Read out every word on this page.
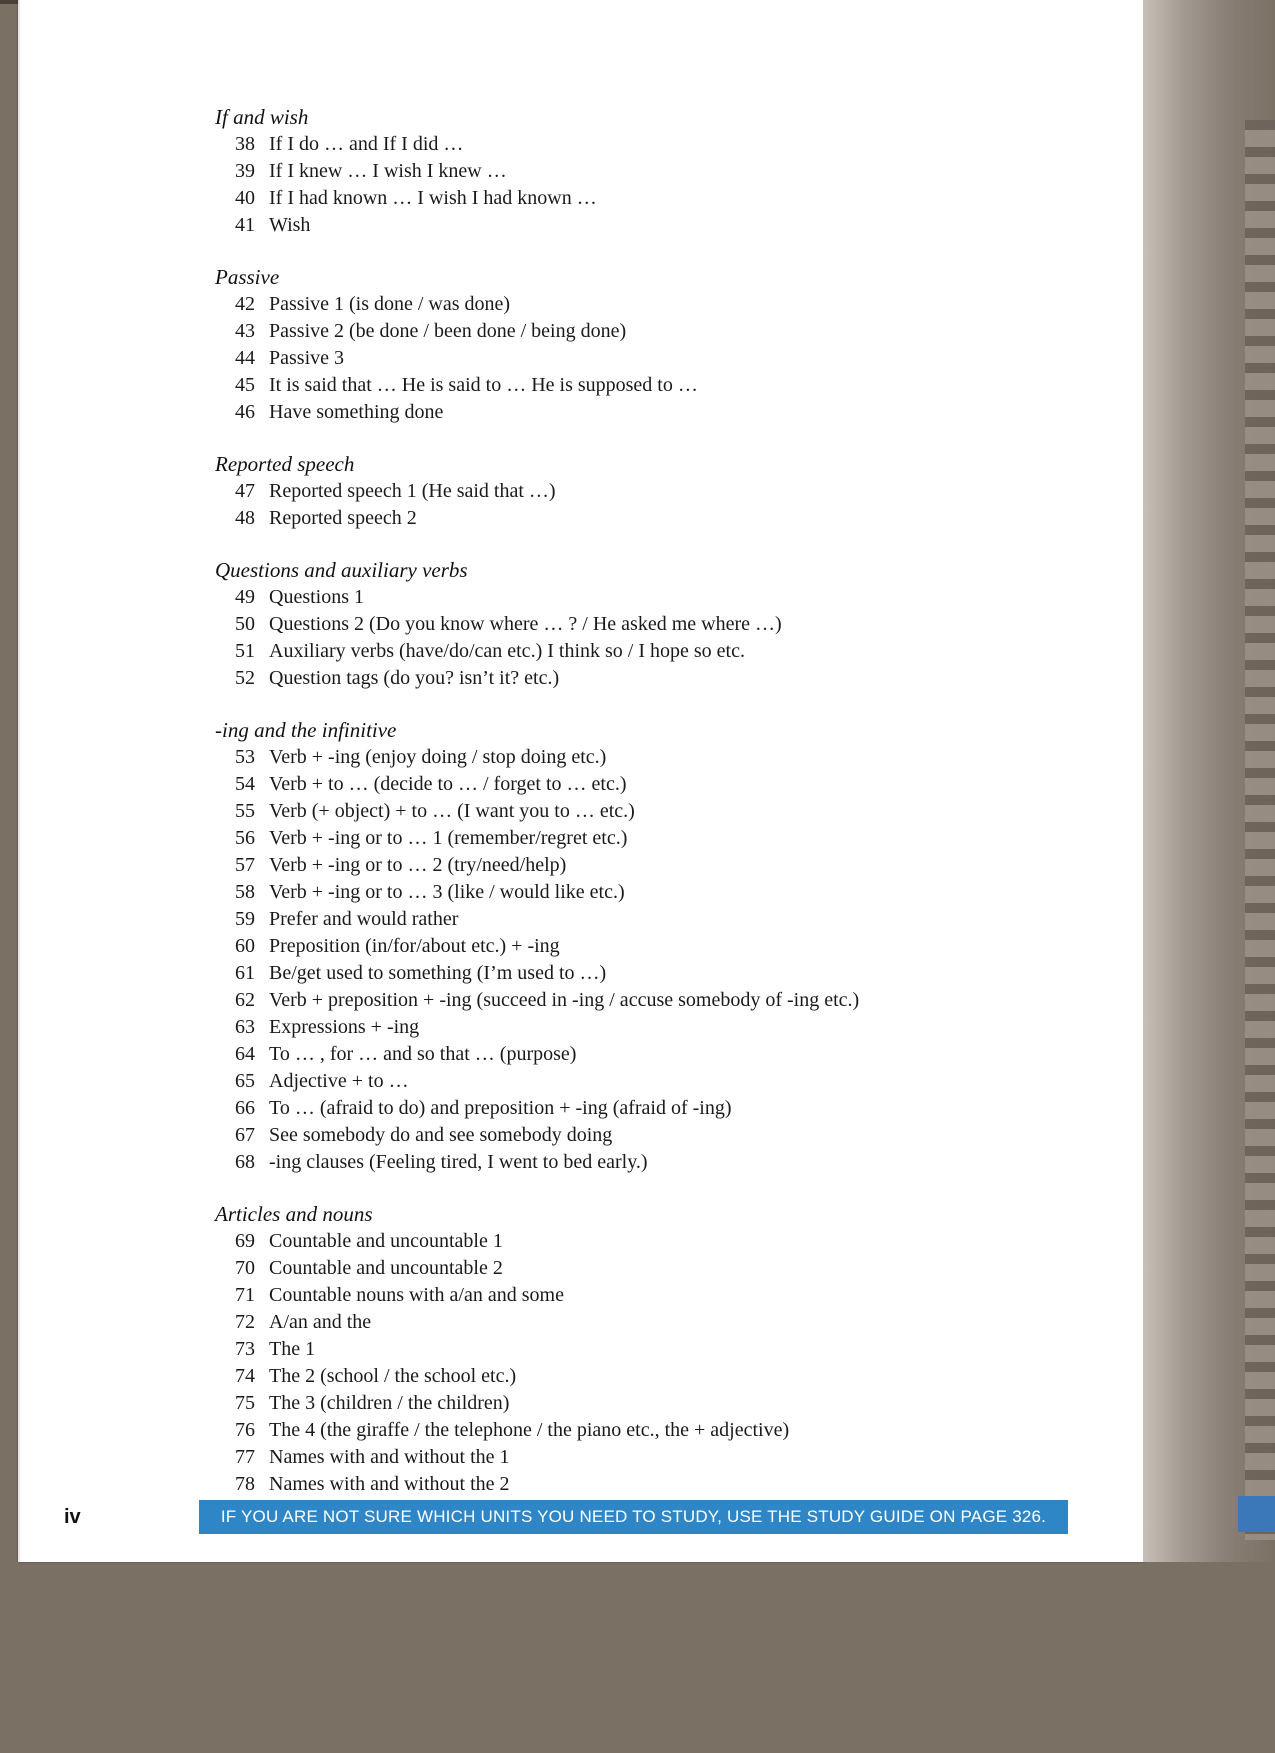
If and wish
38 If I do … and If I did …
39 If I knew … I wish I knew …
40 If I had known … I wish I had known …
41 Wish
Passive
42 Passive 1 (is done / was done)
43 Passive 2 (be done / been done / being done)
44 Passive 3
45 It is said that … He is said to … He is supposed to …
46 Have something done
Reported speech
47 Reported speech 1 (He said that …)
48 Reported speech 2
Questions and auxiliary verbs
49 Questions 1
50 Questions 2 (Do you know where … ? / He asked me where …)
51 Auxiliary verbs (have/do/can etc.) I think so / I hope so etc.
52 Question tags (do you? isn’t it? etc.)
-ing and the infinitive
53 Verb + -ing (enjoy doing / stop doing etc.)
54 Verb + to … (decide to … / forget to … etc.)
55 Verb (+ object) + to … (I want you to … etc.)
56 Verb + -ing or to … 1 (remember/regret etc.)
57 Verb + -ing or to … 2 (try/need/help)
58 Verb + -ing or to … 3 (like / would like etc.)
59 Prefer and would rather
60 Preposition (in/for/about etc.) + -ing
61 Be/get used to something (I’m used to …)
62 Verb + preposition + -ing (succeed in -ing / accuse somebody of -ing etc.)
63 Expressions + -ing
64 To … , for … and so that … (purpose)
65 Adjective + to …
66 To … (afraid to do) and preposition + -ing (afraid of -ing)
67 See somebody do and see somebody doing
68 -ing clauses (Feeling tired, I went to bed early.)
Articles and nouns
69 Countable and uncountable 1
70 Countable and uncountable 2
71 Countable nouns with a/an and some
72 A/an and the
73 The 1
74 The 2 (school / the school etc.)
75 The 3 (children / the children)
76 The 4 (the giraffe / the telephone / the piano etc., the + adjective)
77 Names with and without the 1
78 Names with and without the 2
iv	IF YOU ARE NOT SURE WHICH UNITS YOU NEED TO STUDY, USE THE STUDY GUIDE ON PAGE 326.
